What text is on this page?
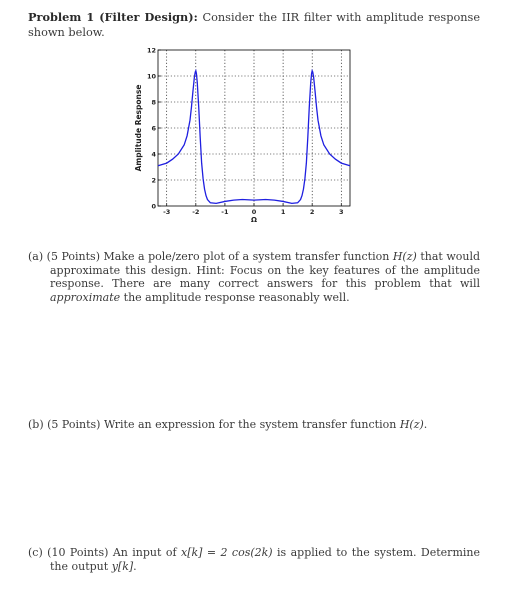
Problem 1 (Filter Design): Consider the IIR filter with amplitude response shown below.
-3	-2	-1	0	1	2	3
0
2
4
6
8
10
12
Amplitude Response
Ω
(a) (5 Points) Make a pole/zero plot of a system transfer function H(z) that would approximate this design. Hint: Focus on the key features of the amplitude response. There are many correct answers for this problem that will approximate the amplitude response reasonably well.
(b) (5 Points) Write an expression for the system transfer function H(z).
(c) (10 Points) An input of x[k] = 2 cos(2k) is applied to the system. Determine the output y[k].
